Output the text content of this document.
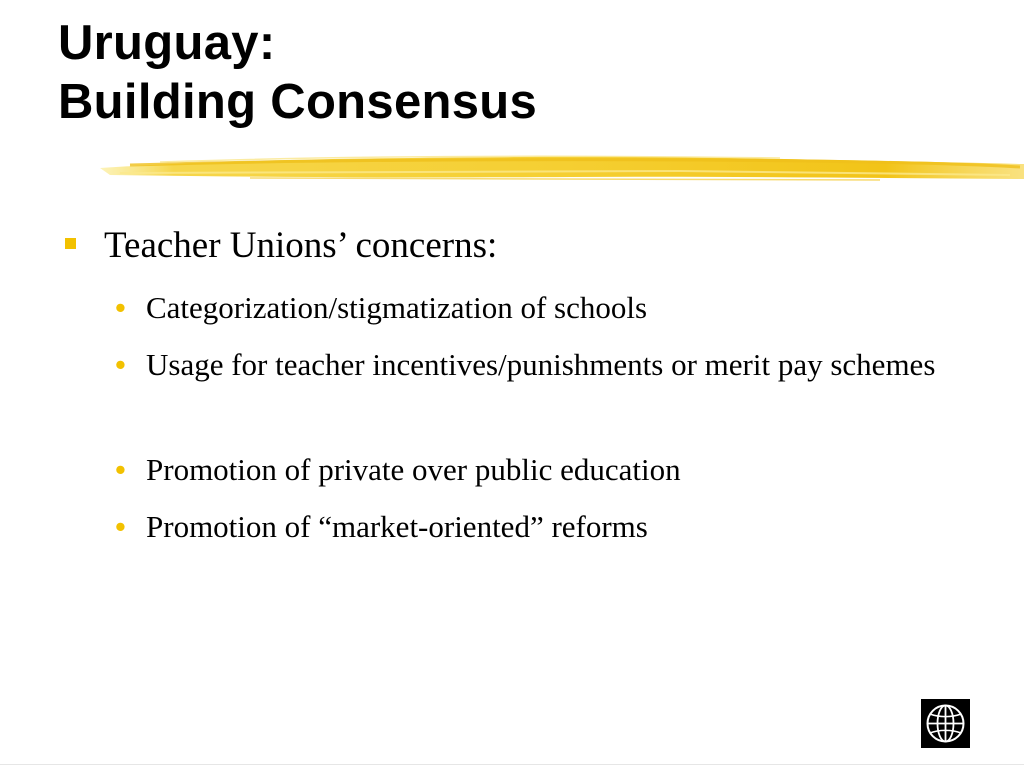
Uruguay:
Building Consensus
Teacher Unions’ concerns:
• Categorization/stigmatization of schools
• Usage for teacher incentives/punishments or merit pay schemes
• Promotion of private over public education
• Promotion of “market-oriented” reforms
